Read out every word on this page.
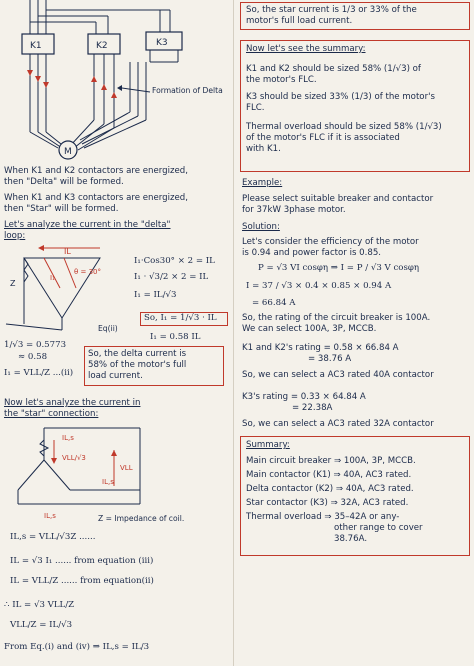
K1	K2	K3
M
Formation of Delta
When K1 and K2 contactors are energized,
then "Delta" will be formed.
When K1 and K3 contactors are energized,
then "Star" will be formed.
Let's analyze the current in the "delta"
loop:
IL
θ = 30°
I₁
Z
I₁·Cos30° × 2 = IL
I₁ · √3/2 × 2 = IL
I₁ = IL/√3
So, I₁ = 1/√3 · IL
I₁ = 0.58 IL
Eq(ii)
1/√3 = 0.5773
≈ 0.58
I₁ = VLL/Z ...(ii)
So, the delta current is
58% of the motor's full
load current.
Now let's analyze the current in
the "star" connection:
IL,s
VLL/√3
VLL
IL,s
IL,s	Z = Impedance of coil.
IL,s = VLL/√3Z ......
IL = √3 I₁ ...... from equation (iii)
IL = VLL/Z ...... from equation(ii)
∴ IL = √3 VLL/Z
VLL/Z = IL/√3
From Eq.(i) and (iv) ⇒ IL,s = IL/3
So, the star current is 1/3 or 33% of the
motor's full load current.
Now let's see the summary:
K1 and K2 should be sized 58% (1/√3) of
the motor's FLC.
K3 should be sized 33% (1/3) of the motor's
FLC.
Thermal overload should be sized 58% (1/√3)
of the motor's FLC if it is associated
with K1.
Example:
Please select suitable breaker and contactor
for 37kW 3phase motor.
Solution:
Let's consider the efficiency of the motor
is 0.94 and power factor is 0.85.
P = √3 VI cosφη ⇒ I = P / √3 V cosφη
I = 37 / √3 × 0.4 × 0.85 × 0.94 A
= 66.84 A
So, the rating of the circuit breaker is 100A.
We can select 100A, 3P, MCCB.
K1 and K2's rating = 0.58 × 66.84 A
= 38.76 A
So, we can select a AC3 rated 40A contactor
K3's rating = 0.33 × 64.84 A
= 22.38A
So, we can select a AC3 rated 32A contactor
Summary:
Main circuit breaker ⇒ 100A, 3P, MCCB.
Main contactor (K1) ⇒ 40A, AC3 rated.
Delta contactor (K2) ⇒ 40A, AC3 rated.
Star contactor (K3) ⇒ 32A, AC3 rated.
Thermal overload ⇒ 35–42A or any-
other range to cover
38.76A.
